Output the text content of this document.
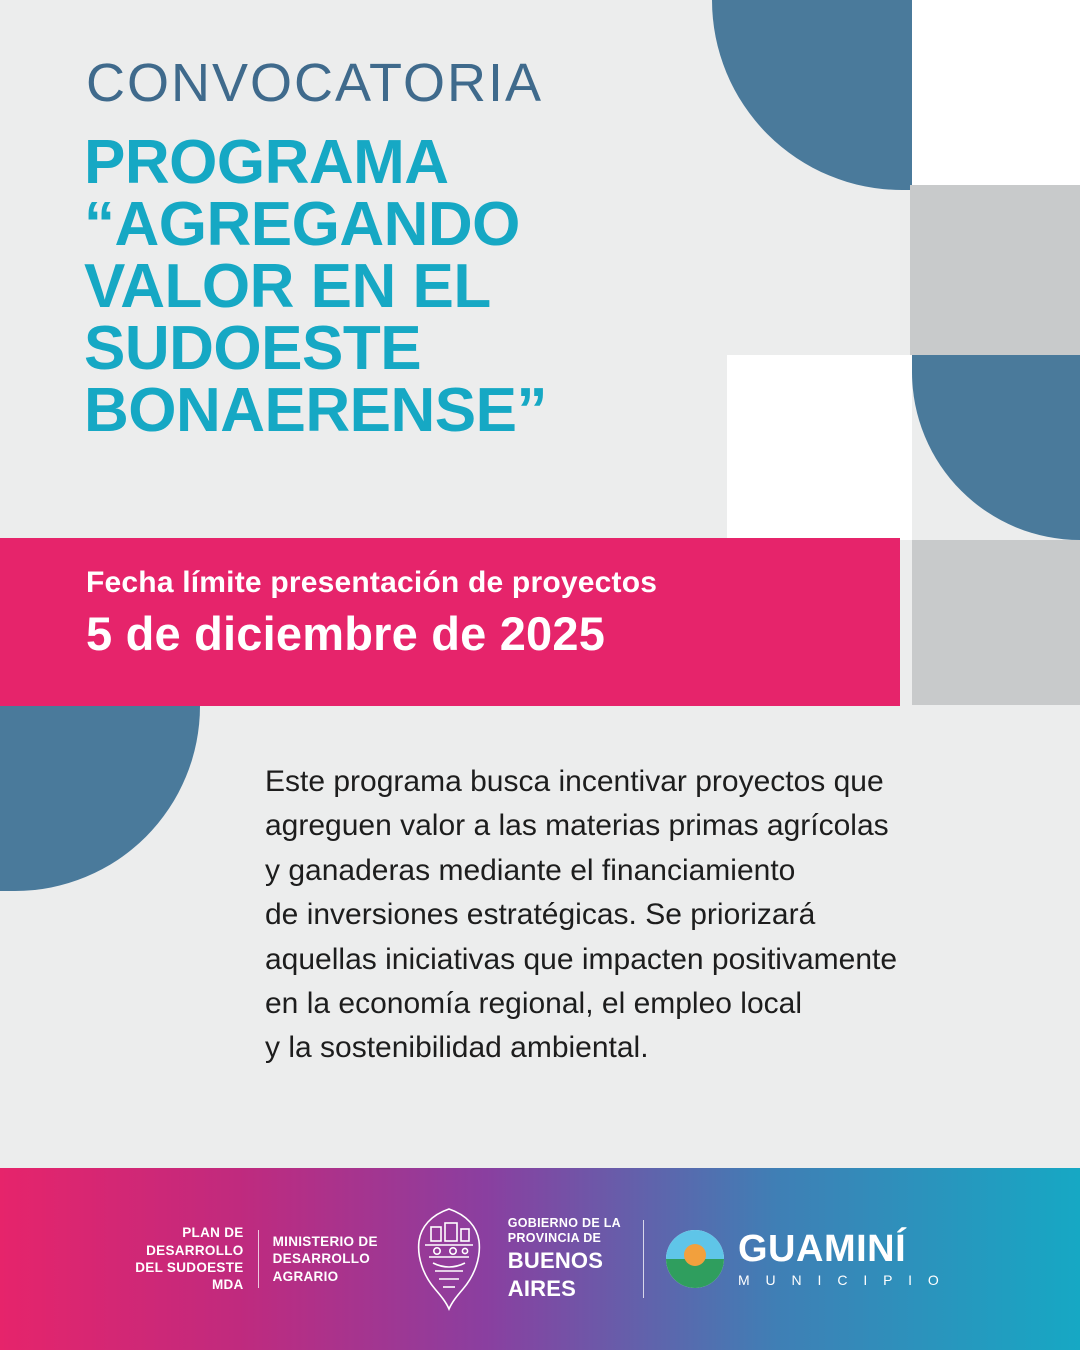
CONVOCATORIA
PROGRAMA
“AGREGANDO
VALOR EN EL
SUDOESTE
BONAERENSE”
Fecha límite presentación de proyectos
5 de diciembre de 2025
Este programa busca incentivar proyectos que
agreguen valor a las materias primas agrícolas
y ganaderas mediante el financiamiento
de inversiones estratégicas. Se priorizará
aquellas iniciativas que impacten positivamente
en la economía regional, el empleo local
y la sostenibilidad ambiental.
PLAN DE
DESARROLLO
DEL SUDOESTE
MDA
MINISTERIO DE
DESARROLLO
AGRARIO
GOBIERNO DE LA
PROVINCIA DE
BUENOS
AIRES
GUAMINÍ
M U N I C I P I O
